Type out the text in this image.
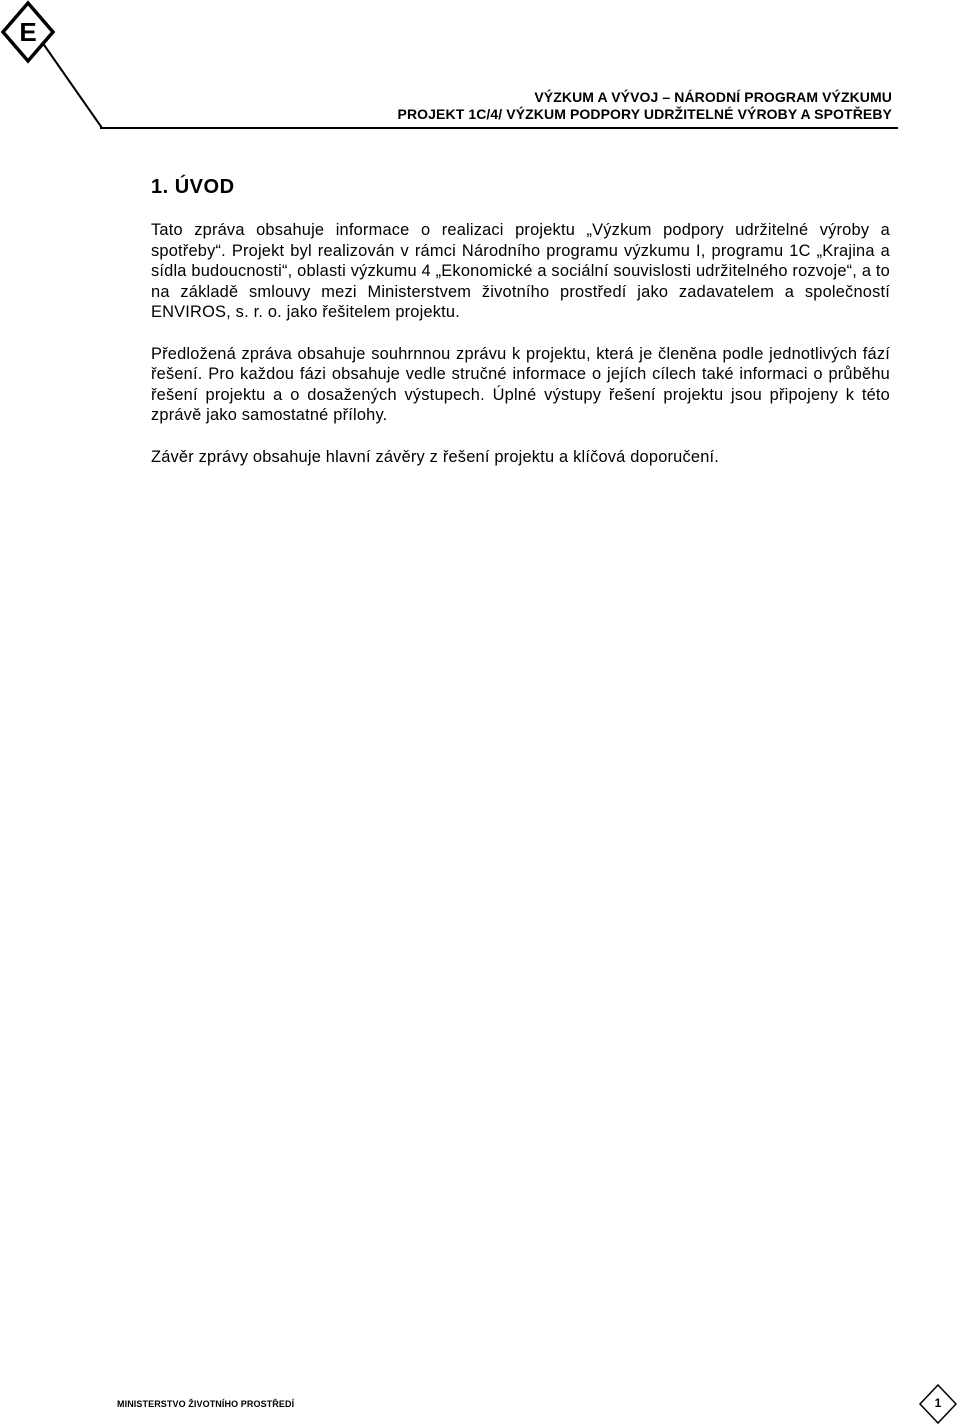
E
VÝZKUM A VÝVOJ – NÁRODNÍ PROGRAM VÝZKUMU
PROJEKT 1C/4/ VÝZKUM PODPORY UDRŽITELNÉ VÝROBY A SPOTŘEBY
1. ÚVOD

Tato zpráva obsahuje informace o realizaci projektu „Výzkum podpory udržitelné výroby a spotřeby“. Projekt byl realizován v rámci Národního programu výzkumu I, programu 1C „Krajina a sídla budoucnosti“, oblasti výzkumu 4 „Ekonomické a sociální souvislosti udržitelného rozvoje“, a to na základě smlouvy mezi Ministerstvem životního prostředí jako zadavatelem a společností ENVIROS, s. r. o. jako řešitelem projektu.

Předložená zpráva obsahuje souhrnnou zprávu k projektu, která je členěna podle jednotlivých fází řešení. Pro každou fázi obsahuje vedle stručné informace o jejích cílech také informaci o průběhu řešení projektu a o dosažených výstupech. Úplné výstupy řešení projektu jsou připojeny k této zprávě jako samostatné přílohy.

Závěr zprávy obsahuje hlavní závěry z řešení projektu a klíčová doporučení.

MINISTERSTVO ŽIVOTNÍHO PROSTŘEDÍ	1
